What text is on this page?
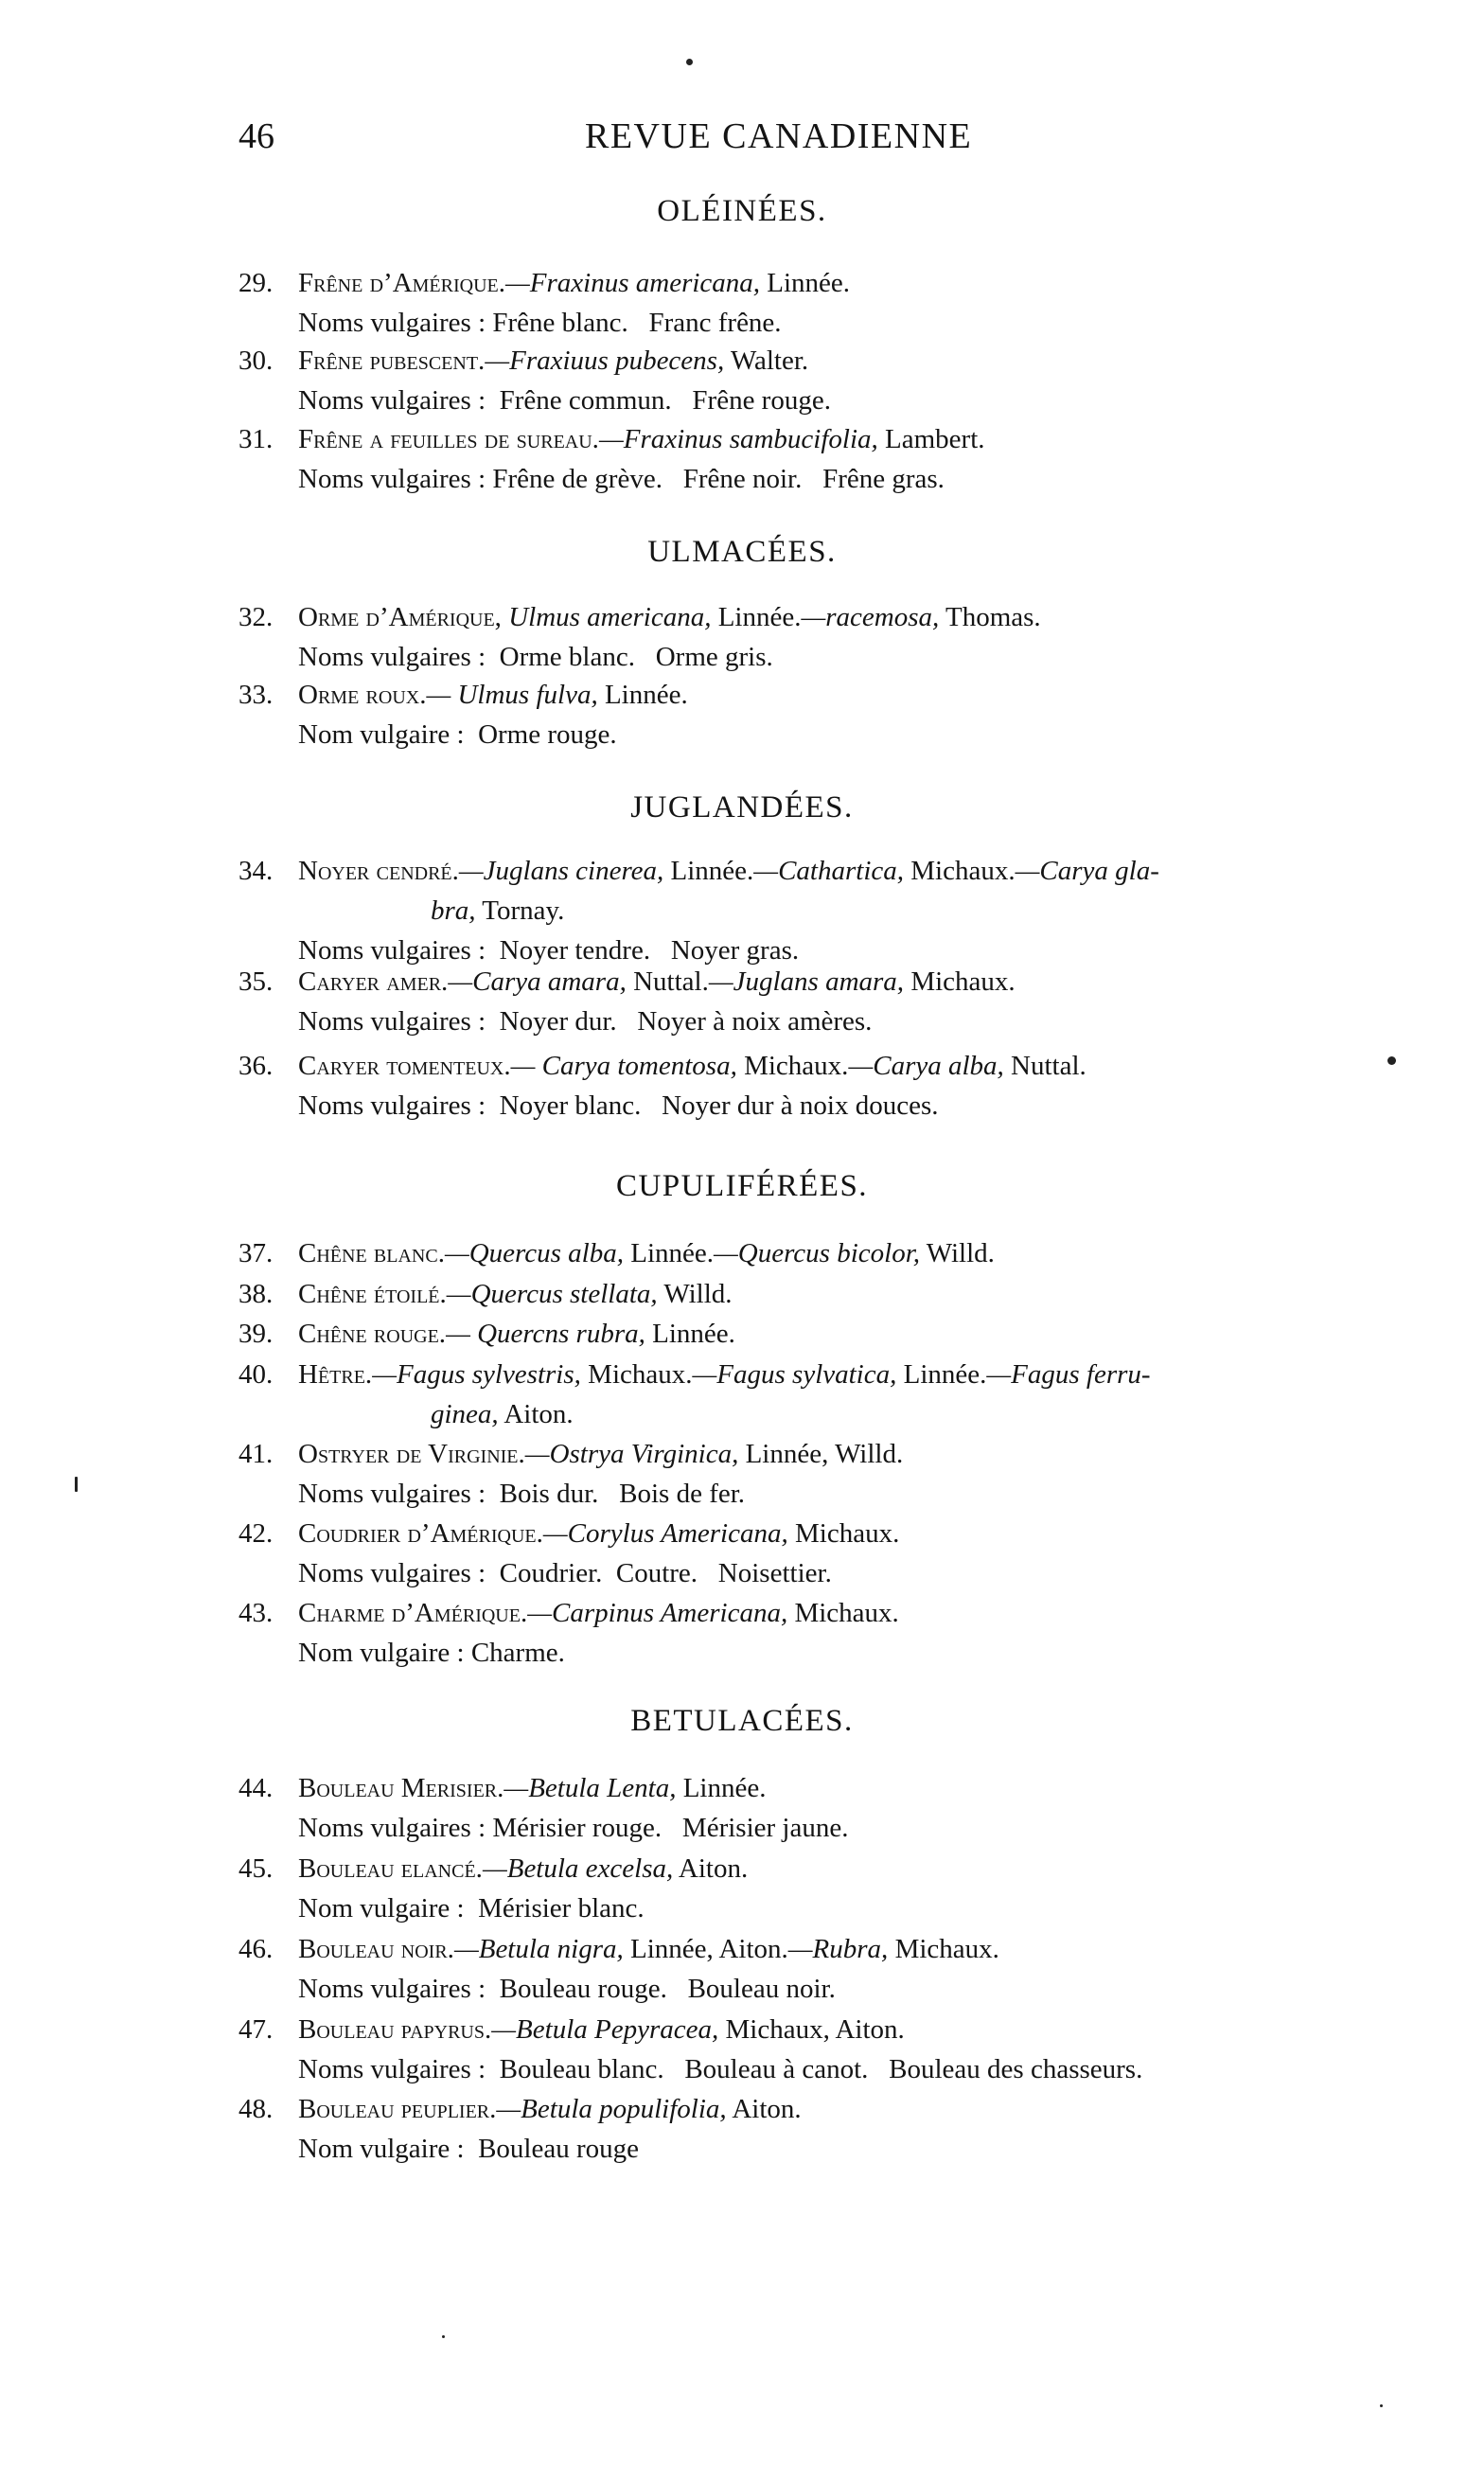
46	REVUE CANADIENNE
OLÉINÉES.
29. Frêne d’Amérique.—Fraxinus americana, Linnée.
Noms vulgaires : Frêne blanc.   Franc frêne.
30. Frêne pubescent.—Fraxiuus pubecens, Walter.
Noms vulgaires :  Frêne commun.   Frêne rouge.
31. Frêne a feuilles de sureau.—Fraxinus sambucifolia, Lambert.
Noms vulgaires : Frêne de grève.   Frêne noir.   Frêne gras.
ULMACÉES.
32. Orme d’Amérique, Ulmus americana, Linnée.—racemosa, Thomas.
Noms vulgaires :  Orme blanc.   Orme gris.
33. Orme roux.— Ulmus fulva, Linnée.
Nom vulgaire :  Orme rouge.
JUGLANDÉES.
34. Noyer cendré.—Juglans cinerea, Linnée.—Cathartica, Michaux.—Carya gla-
bra, Tornay.
Noms vulgaires :  Noyer tendre.   Noyer gras.
35. Caryer amer.—Carya amara, Nuttal.—Juglans amara, Michaux.
Noms vulgaires :  Noyer dur.   Noyer à noix amères.
36. Caryer tomenteux.— Carya tomentosa, Michaux.—Carya alba, Nuttal.
Noms vulgaires :  Noyer blanc.   Noyer dur à noix douces.
CUPULIFÉRÉES.
37. Chêne blanc.—Quercus alba, Linnée.—Quercus bicolor, Willd.
38. Chêne étoilé.—Quercus stellata, Willd.
39. Chêne rouge.— Quercns rubra, Linnée.
40. Hêtre.—Fagus sylvestris, Michaux.—Fagus sylvatica, Linnée.—Fagus ferru-
ginea, Aiton.
41. Ostryer de Virginie.—Ostrya Virginica, Linnée, Willd.
Noms vulgaires :  Bois dur.   Bois de fer.
42. Coudrier d’Amérique.—Corylus Americana, Michaux.
Noms vulgaires :  Coudrier.  Coutre.   Noisettier.
43. Charme d’Amérique.—Carpinus Americana, Michaux.
Nom vulgaire : Charme.
BETULACÉES.
44. Bouleau Merisier.—Betula Lenta, Linnée.
Noms vulgaires : Mérisier rouge.   Mérisier jaune.
45. Bouleau elancé.—Betula excelsa, Aiton.
Nom vulgaire :  Mérisier blanc.
46. Bouleau noir.—Betula nigra, Linnée, Aiton.—Rubra, Michaux.
Noms vulgaires :  Bouleau rouge.   Bouleau noir.
47. Bouleau papyrus.—Betula Pepyracea, Michaux, Aiton.
Noms vulgaires :  Bouleau blanc.   Bouleau à canot.   Bouleau des chasseurs.
48. Bouleau peuplier.—Betula populifolia, Aiton.
Nom vulgaire :  Bouleau rouge
